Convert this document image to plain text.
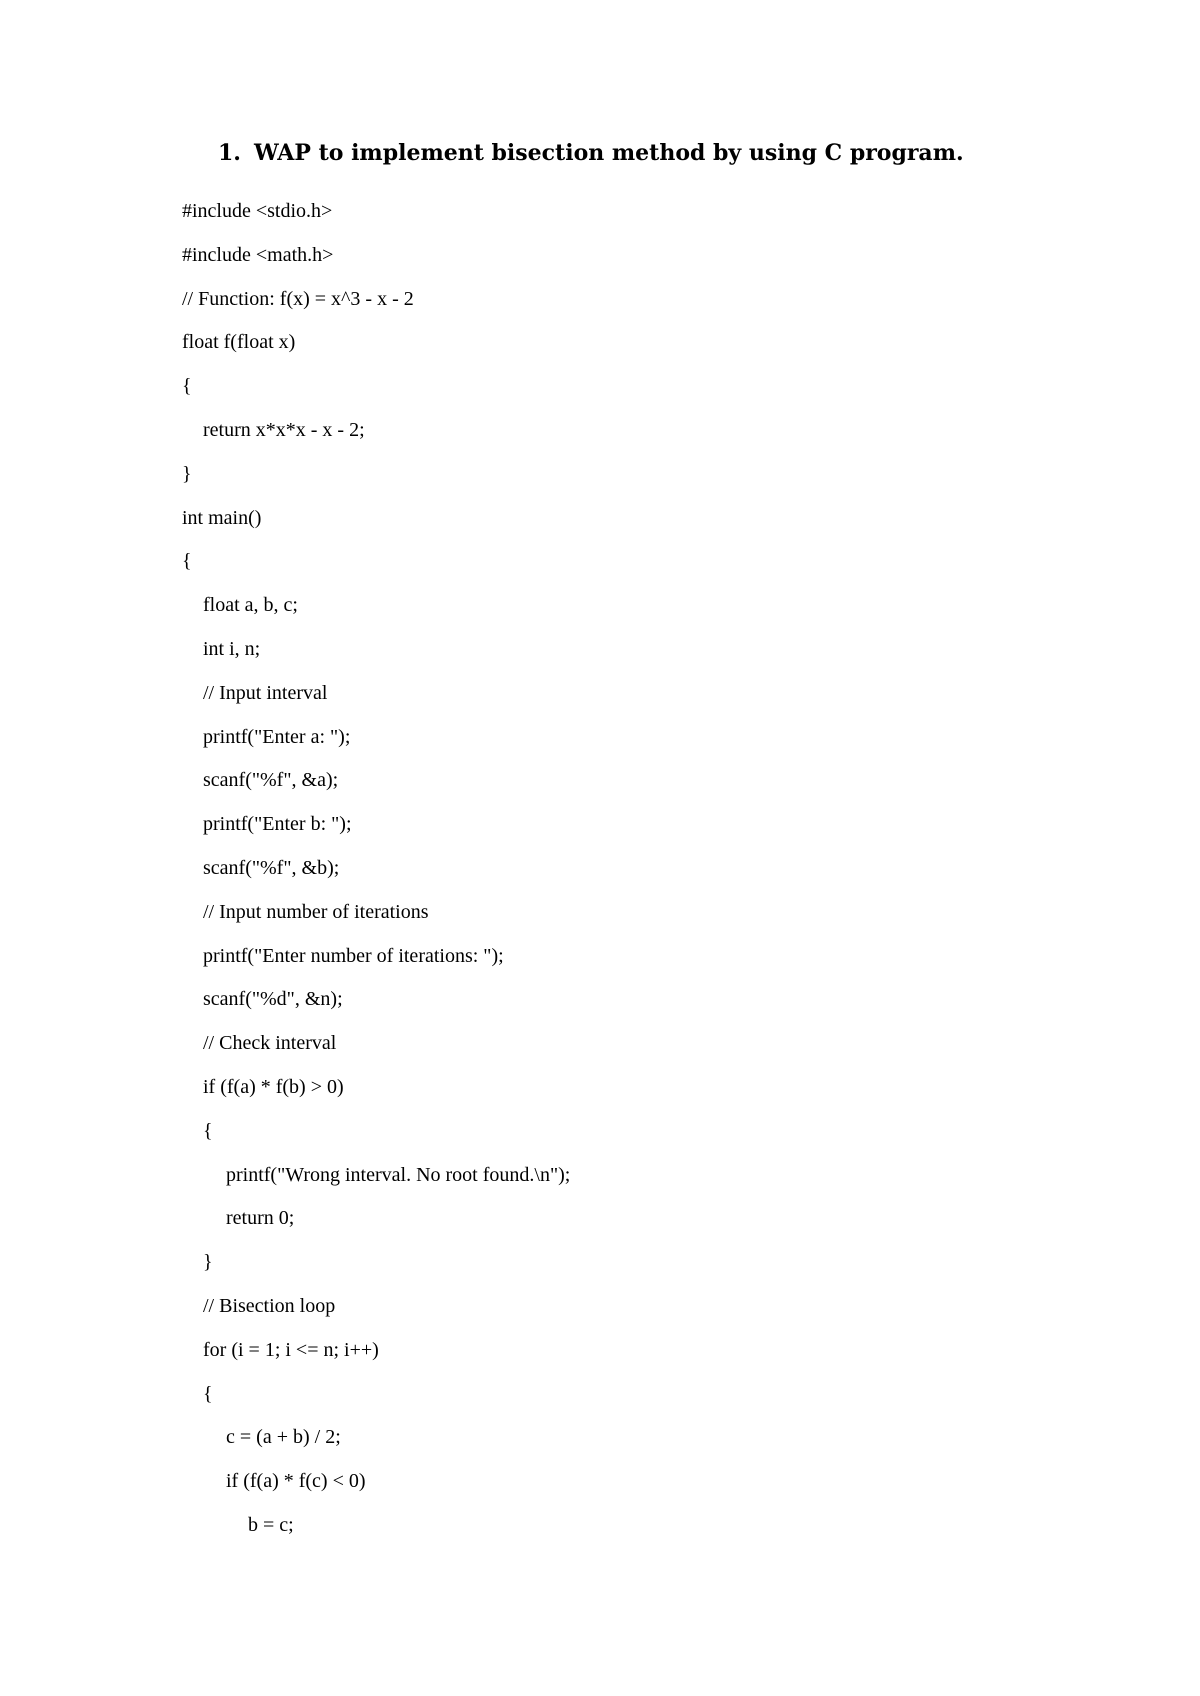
1. WAP to implement bisection method by using C program.
#include <stdio.h>
#include <math.h>
// Function: f(x) = x^3 - x - 2
float f(float x)
{
return x*x*x - x - 2;
}
int main()
{
float a, b, c;
int i, n;
// Input interval
printf("Enter a: ");
scanf("%f", &a);
printf("Enter b: ");
scanf("%f", &b);
// Input number of iterations
printf("Enter number of iterations: ");
scanf("%d", &n);
// Check interval
if (f(a) * f(b) > 0)
{
printf("Wrong interval. No root found.\n");
return 0;
}
// Bisection loop
for (i = 1; i <= n; i++)
{
c = (a + b) / 2;
if (f(a) * f(c) < 0)
b = c;
